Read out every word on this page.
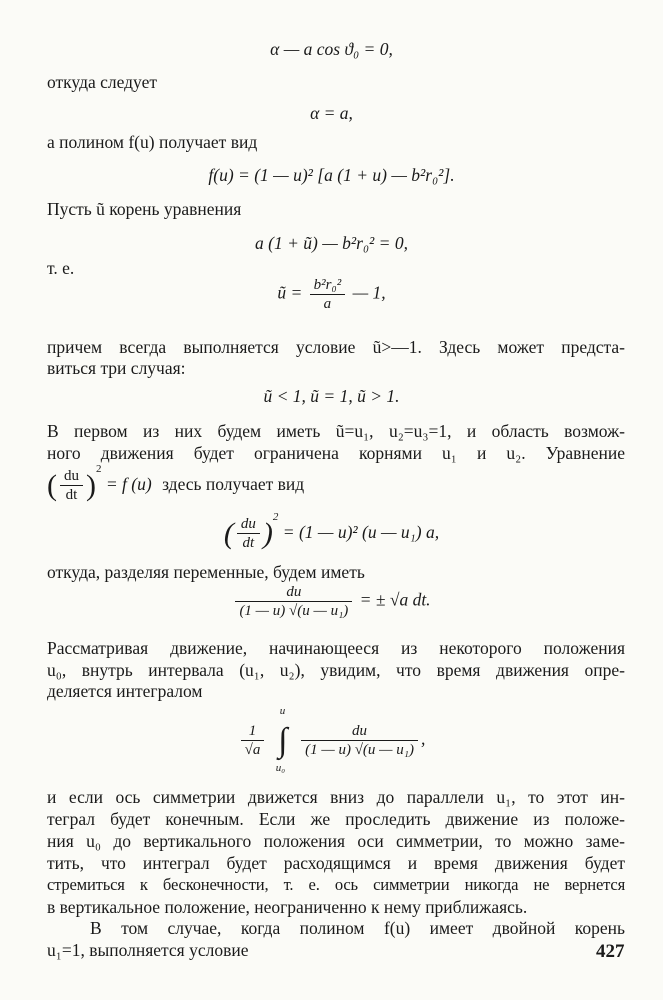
α — a cos ϑ₀ = 0,
откуда следует
α = a,
а полином f(u) получает вид
f(u) = (1 — u)² [a (1 + u) — b²r₀²].
Пусть ũ корень уравнения
a (1 + ũ) — b²r₀² = 0,
т. е.
ũ = $\frac{\text{b²r₀²}}{a}$ — 1,
причем всегда выполняется условие ũ>—1. Здесь может предста-
виться три случая:
ũ < 1, ũ = 1, ũ > 1.
В первом из них будем иметь ũ=u₁, u₂=u₃=1, и область возмож-
ного движения будет ограничена корнями u₁ и u₂. Уравнение
( $\frac{du}{dt} )^2 = f$ (u) здесь получает вид
( $\frac{du}{dt} )^2 = (1$ — u)² (u — u₁) a,
откуда, разделяя переменные, будем иметь
$\frac{du}{\text{(1 — u) √(u — u₁)}}$ = ± √a dt.
Рассматривая движение, начинающееся из некоторого положения
u₀, внутрь интервала (u₁, u₂), увидим, что время движения опре-
деляется интегралом
$\frac{1}{√a}$ ∫
u
u₀

$\frac{du}{\text{(1 — u) √(u — u₁)}}$ ,
и если ось симметрии движется вниз до параллели u₁, то этот ин-
теграл будет конечным. Если же проследить движение из положе-
ния u₀ до вертикального положения оси симметрии, то можно заме-
тить, что интеграл будет расходящимся и время движения будет
стремиться к бесконечности, т. е. ось симметрии никогда не вернется
в вертикальное положение, неограниченно к нему приближаясь.
В том случае, когда полином f(u) имеет двойной корень
u₁=1, выполняется условие	427
